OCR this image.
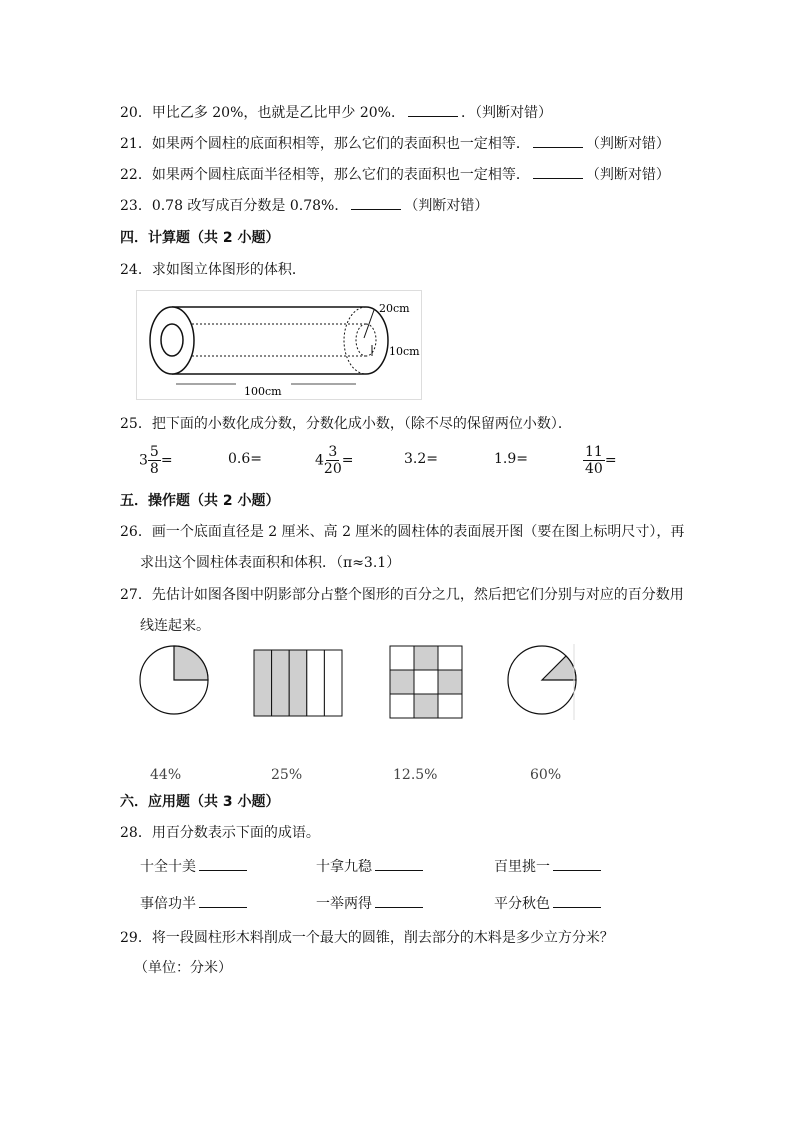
20．甲比乙多 20%，也就是乙比甲少 20%．	．（判断对错）
21．如果两个圆柱的底面积相等，那么它们的表面积也一定相等．	（判断对错）
22．如果两个圆柱底面半径相等，那么它们的表面积也一定相等．	（判断对错）
23．0.78 改写成百分数是 0.78%．	（判断对错）
四．计算题（共 2 小题）
24．求如图立体图形的体积．
20cm
10cm
100cm
25．把下面的小数化成分数，分数化成小数，（除不尽的保留两位小数）．
$3 \frac{5}{8}$ =	0.6=	$4 \frac{3}{20}$ =	3.2=	1.9=	$\frac{11}{40}$ =
五．操作题（共 2 小题）
26．画一个底面直径是 2 厘米、高 2 厘米的圆柱体的表面展开图（要在图上标明尺寸），再
求出这个圆柱体表面积和体积．（π≈3.1）
27．先估计如图各图中阴影部分占整个图形的百分之几，然后把它们分别与对应的百分数用
线连起来。
44%	25%	12.5%	60%
六．应用题（共 3 小题）
28．用百分数表示下面的成语。
十全十美	十拿九稳	百里挑一
事倍功半	一举两得	平分秋色
29．将一段圆柱形木料削成一个最大的圆锥，削去部分的木料是多少立方分米？
（单位：分米）
